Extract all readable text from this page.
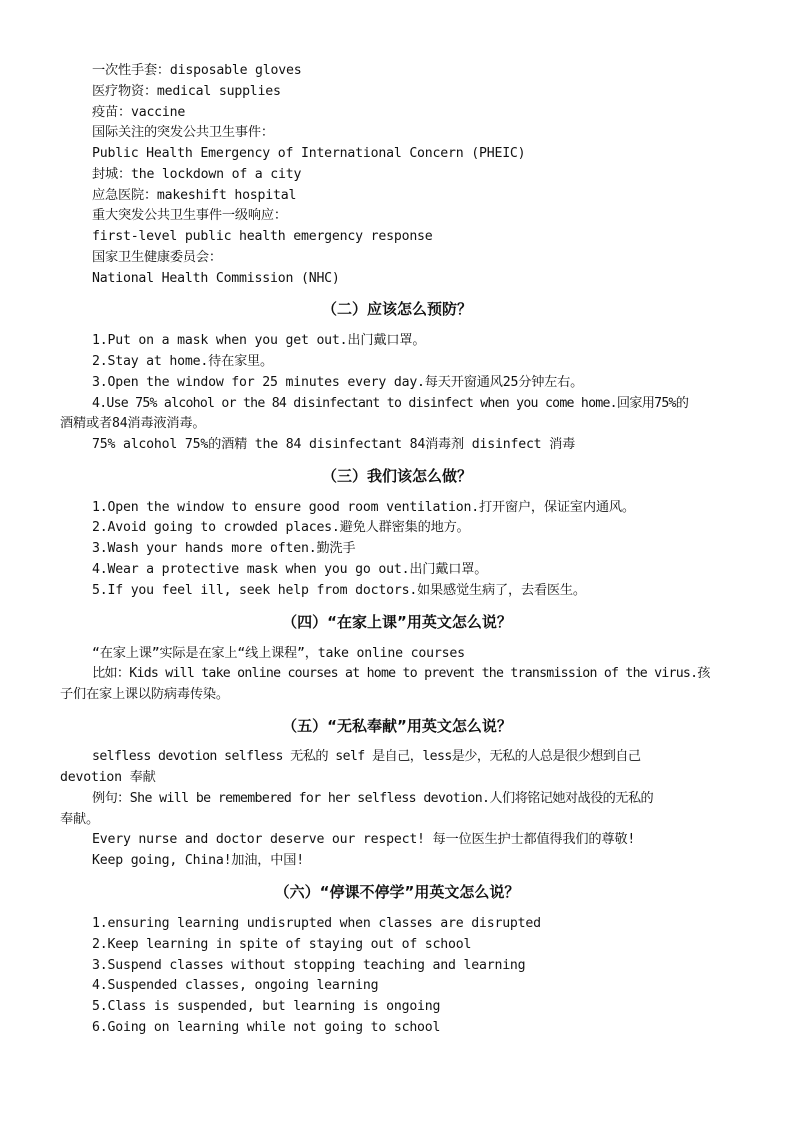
一次性手套：disposable gloves
医疗物资：medical supplies
疫苗：vaccine
国际关注的突发公共卫生事件：
Public Health Emergency of International Concern (PHEIC)
封城：the lockdown of a city
应急医院：makeshift hospital
重大突发公共卫生事件一级响应：
first-level public health emergency response
国家卫生健康委员会：
National Health Commission (NHC)
（二）应该怎么预防？
1.Put on a mask when you get out.出门戴口罩。
2.Stay at home.待在家里。
3.Open the window for 25 minutes every day.每天开窗通风25分钟左右。
4.Use 75% alcohol or the 84 disinfectant to disinfect when you come home.回家用75%的
酒精或者84消毒液消毒。
75% alcohol 75%的酒精 the 84 disinfectant 84消毒剂 disinfect 消毒
（三）我们该怎么做？
1.Open the window to ensure good room ventilation.打开窗户，保证室内通风。
2.Avoid going to crowded places.避免人群密集的地方。
3.Wash your hands more often.勤洗手
4.Wear a protective mask when you go out.出门戴口罩。
5.If you feel ill, seek help from doctors.如果感觉生病了，去看医生。
（四）“在家上课”用英文怎么说？
“在家上课”实际是在家上“线上课程”，take online courses
比如：Kids will take online courses at home to prevent the transmission of the virus.孩
子们在家上课以防病毒传染。
（五）“无私奉献”用英文怎么说？
selfless devotion selfless 无私的 self 是自己，less是少，无私的人总是很少想到自己
devotion 奉献
例句：She will be remembered for her selfless devotion.人们将铭记她对战役的无私的
奉献。
Every nurse and doctor deserve our respect! 每一位医生护士都值得我们的尊敬!
Keep going, China!加油，中国!
（六）“停课不停学”用英文怎么说？
1.ensuring learning undisrupted when classes are disrupted
2.Keep learning in spite of staying out of school
3.Suspend classes without stopping teaching and learning
4.Suspended classes, ongoing learning
5.Class is suspended, but learning is ongoing
6.Going on learning while not going to school
